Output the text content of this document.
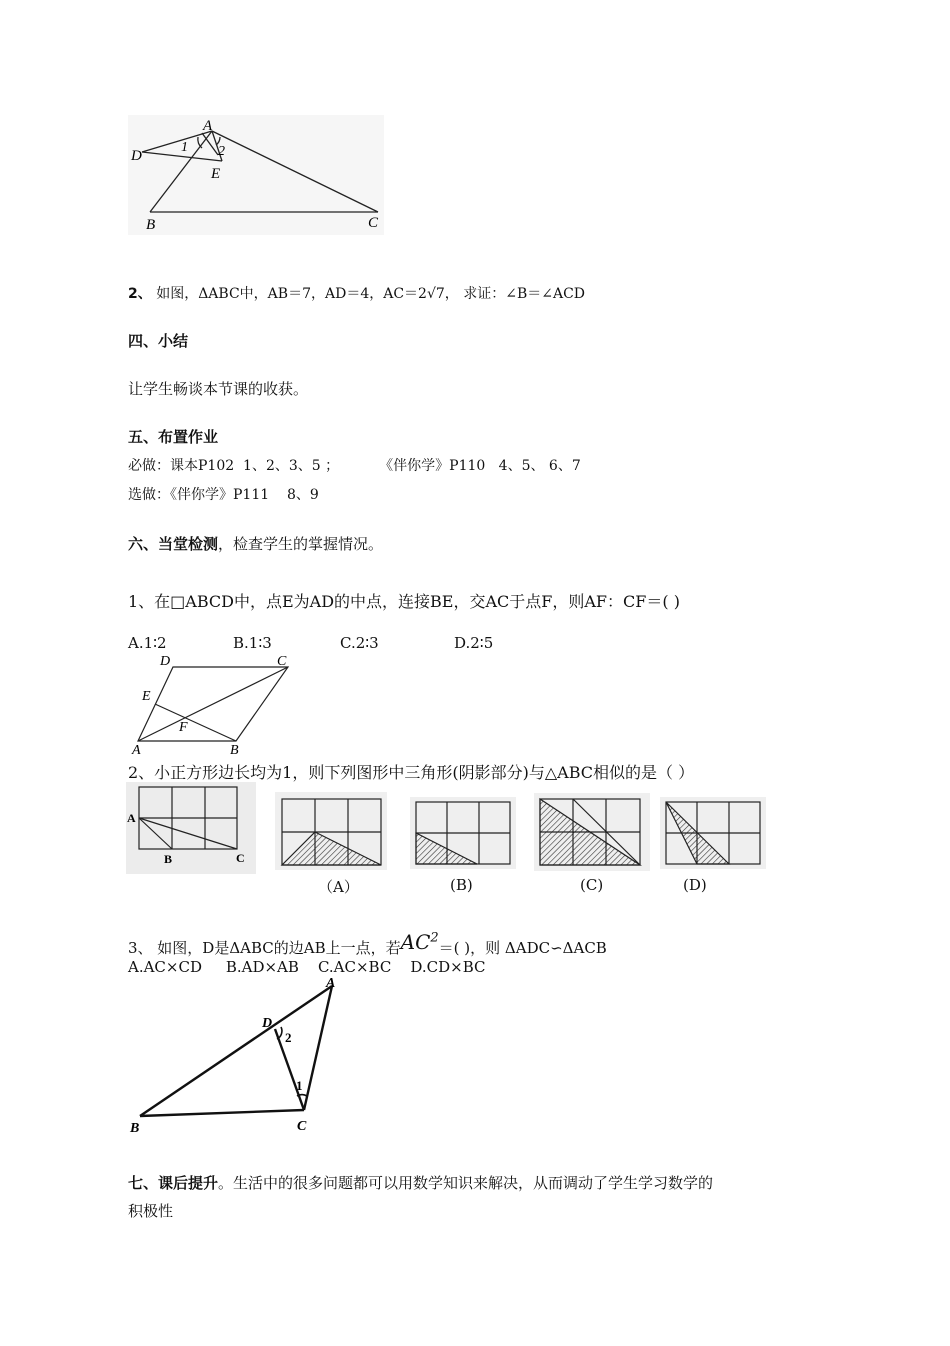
A
D
E
B	C
1 2
2、 如图，ΔABC中，AB＝7，AD＝4，AC＝2√7， 求证：∠B＝∠ACD
四、小结
让学生畅谈本节课的收获。
五、布置作业
必做：课本P102  1、2、3、5 ；         《伴你学》P110   4、5、 6、7
选做：《伴你学》P111    8、9
六、当堂检测，检查学生的掌握情况。
1、在□ABCD中，点E为AD的中点，连接BE，交AC于点F，则AF：CF＝( )
A.1∶2	B.1∶3	C.2∶3	D.2∶5
D	C
E
F
A	B
2、小正方形边长均为1，则下列图形中三角形(阴影部分)与△ABC相似的是（ ）
A
B	C
（A）	(B)	(C)	(D)
3、 如图，D是ΔABC的边AB上一点，若$AC^2=$( )，则 ΔADC∽ΔACB
A.AC×CD     B.AD×AB    C.AC×BC    D.CD×BC
A
D
B	C
2
1
七、课后提升。生活中的很多问题都可以用数学知识来解决，从而调动了学生学习数学的
积极性
